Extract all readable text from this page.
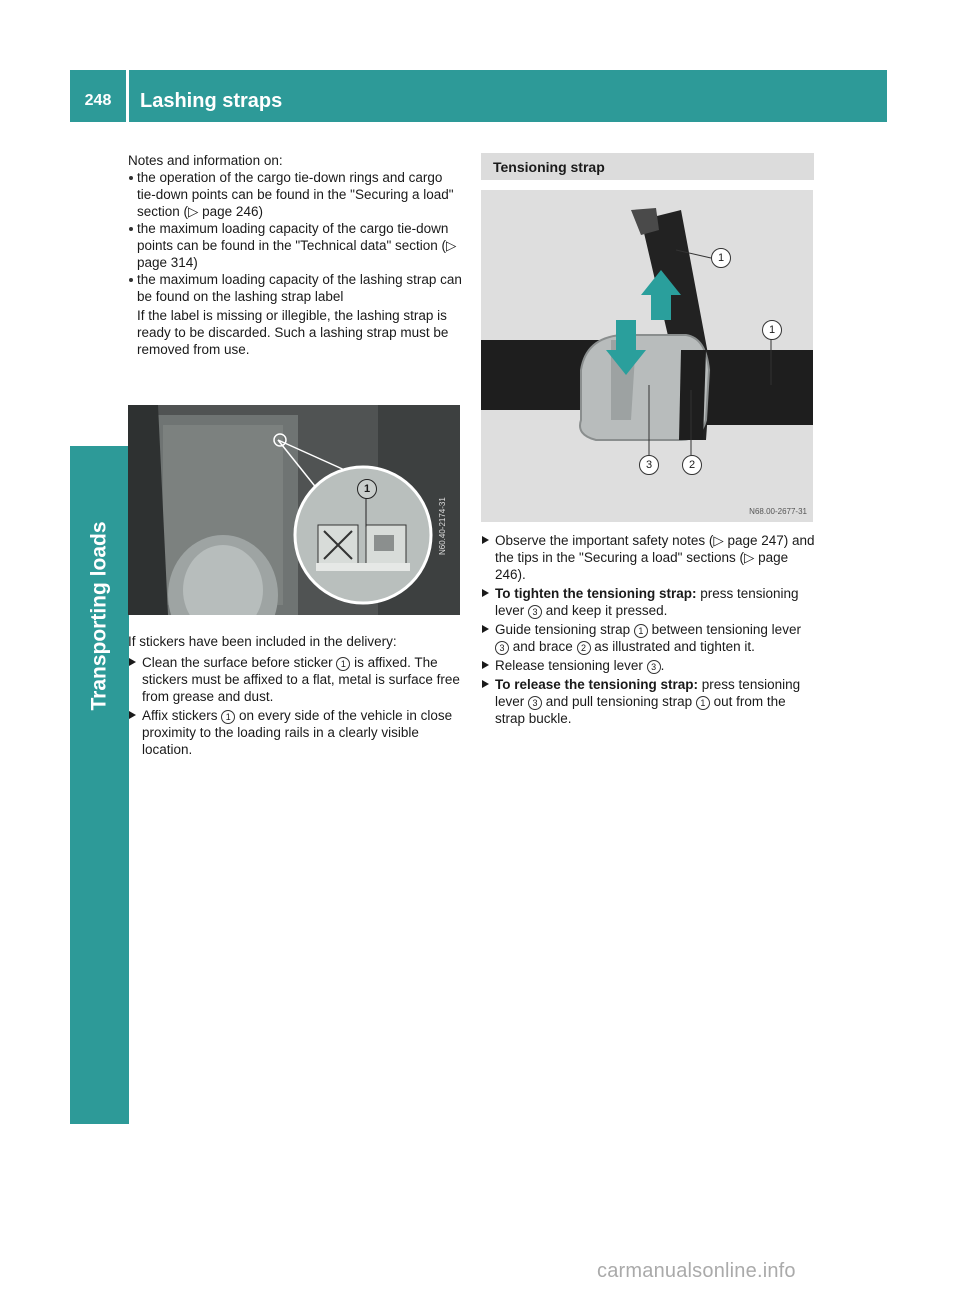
248	Lashing straps
Transporting loads

Notes and information on:

the operation of the cargo tie-down rings and cargo tie-down points can be found in the "Securing a load" section (▷ page 246)
the maximum loading capacity of the cargo tie-down points can be found in the "Technical data" section (▷ page 314)
the maximum loading capacity of the lashing strap can be found on the lashing strap label

If the label is missing or illegible, the lashing strap is ready to be discarded. Such a lashing strap must be removed from use.

1
N60.40-2174-31

If stickers have been included in the delivery:

Clean the surface before sticker 1 is affixed. The stickers must be affixed to a flat, metal is surface free from grease and dust.
Affix stickers 1 on every side of the vehicle in close proximity to the loading rails in a clearly visible location.
Tensioning strap
1
1
3	2
N68.00-2677-31
Observe the important safety notes (▷ page 247) and the tips in the "Securing a load" sections (▷ page 246).
To tighten the tensioning strap: press tensioning lever 3 and keep it pressed.
Guide tensioning strap 1 between tensioning lever 3 and brace 2 as illustrated and tighten it.
Release tensioning lever 3 .
To release the tensioning strap: press tensioning lever 3 and pull tensioning strap 1 out from the strap buckle.
carmanualsonline.info
